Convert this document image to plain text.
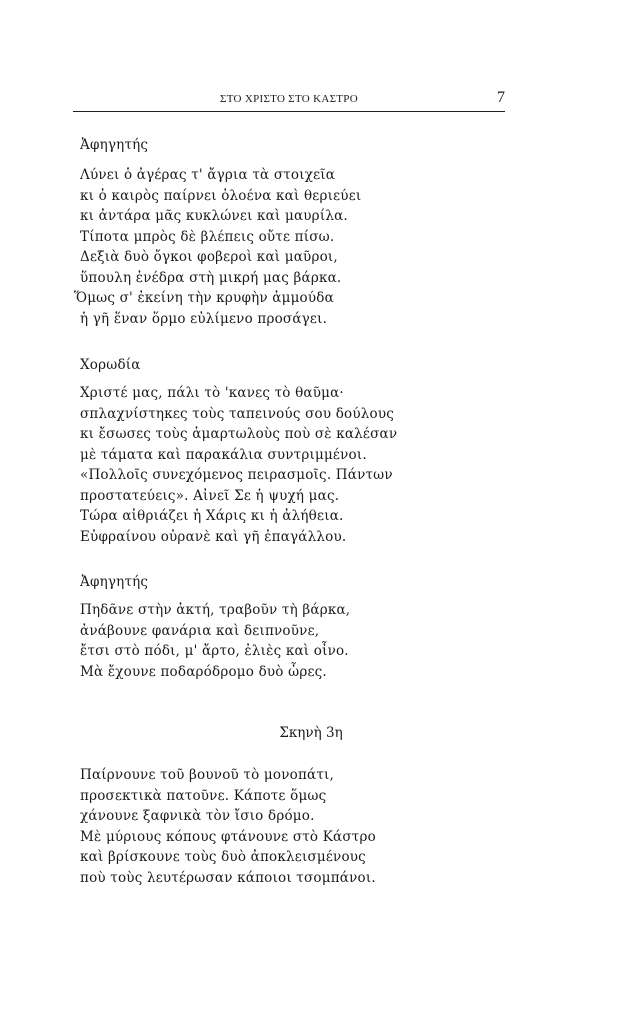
ΣΤΟ ΧΡΙΣΤΟ ΣΤΟ ΚΑΣΤΡΟ	7
Ἀφηγητής
Λύνει ὁ ἀγέρας τ' ἄγρια τὰ στοιχεῖα
κι ὁ καιρὸς παίρνει ὁλοένα καὶ θεριεύει
κι ἀντάρα μᾶς κυκλώνει καὶ μαυρίλα.
Τίποτα μπρὸς δὲ βλέπεις οὔτε πίσω.
Δεξιὰ δυὸ ὄγκοι φοβεροὶ καὶ μαῦροι,
ὕπουλη ἐνέδρα στὴ μικρή μας βάρκα.
Ὅμως σ' ἐκείνη τὴν κρυφὴν ἀμμούδα
ἡ γῆ ἕναν ὅρμο εὐλίμενο προσάγει.
Χορωδία
Χριστέ μας, πάλι τὸ 'κανες τὸ θαῦμα·
σπλαχνίστηκες τοὺς ταπεινούς σου δούλους
κι ἔσωσες τοὺς ἁμαρτωλοὺς ποὺ σὲ καλέσαν
μὲ τάματα καὶ παρακάλια συντριμμένοι.
«Πολλοῖς συνεχόμενος πειρασμοῖς. Πάντων
προστατεύεις». Αἰνεῖ Σε ἡ ψυχή μας.
Τώρα αἰθριάζει ἡ Χάρις κι ἡ ἀλήθεια.
Εὐφραίνου οὐρανὲ καὶ γῆ ἐπαγάλλου.
Ἀφηγητής
Πηδᾶνε στὴν ἀκτή, τραβοῦν τὴ βάρκα,
ἀνάβουνε φανάρια καὶ δειπνοῦνε,
ἔτσι στὸ πόδι, μ' ἄρτο, ἐλιὲς καὶ οἶνο.
Μὰ ἔχουνε ποδαρόδρομο δυὸ ὧρες.
Σκηνὴ 3η
Παίρνουνε τοῦ βουνοῦ τὸ μονοπάτι,
προσεκτικὰ πατοῦνε. Κάποτε ὅμως
χάνουνε ξαφνικὰ τὸν ἴσιο δρόμο.
Μὲ μύριους κόπους φτάνουνε στὸ Κάστρο
καὶ βρίσκουνε τοὺς δυὸ ἀποκλεισμένους
ποὺ τοὺς λευτέρωσαν κάποιοι τσομπάνοι.
